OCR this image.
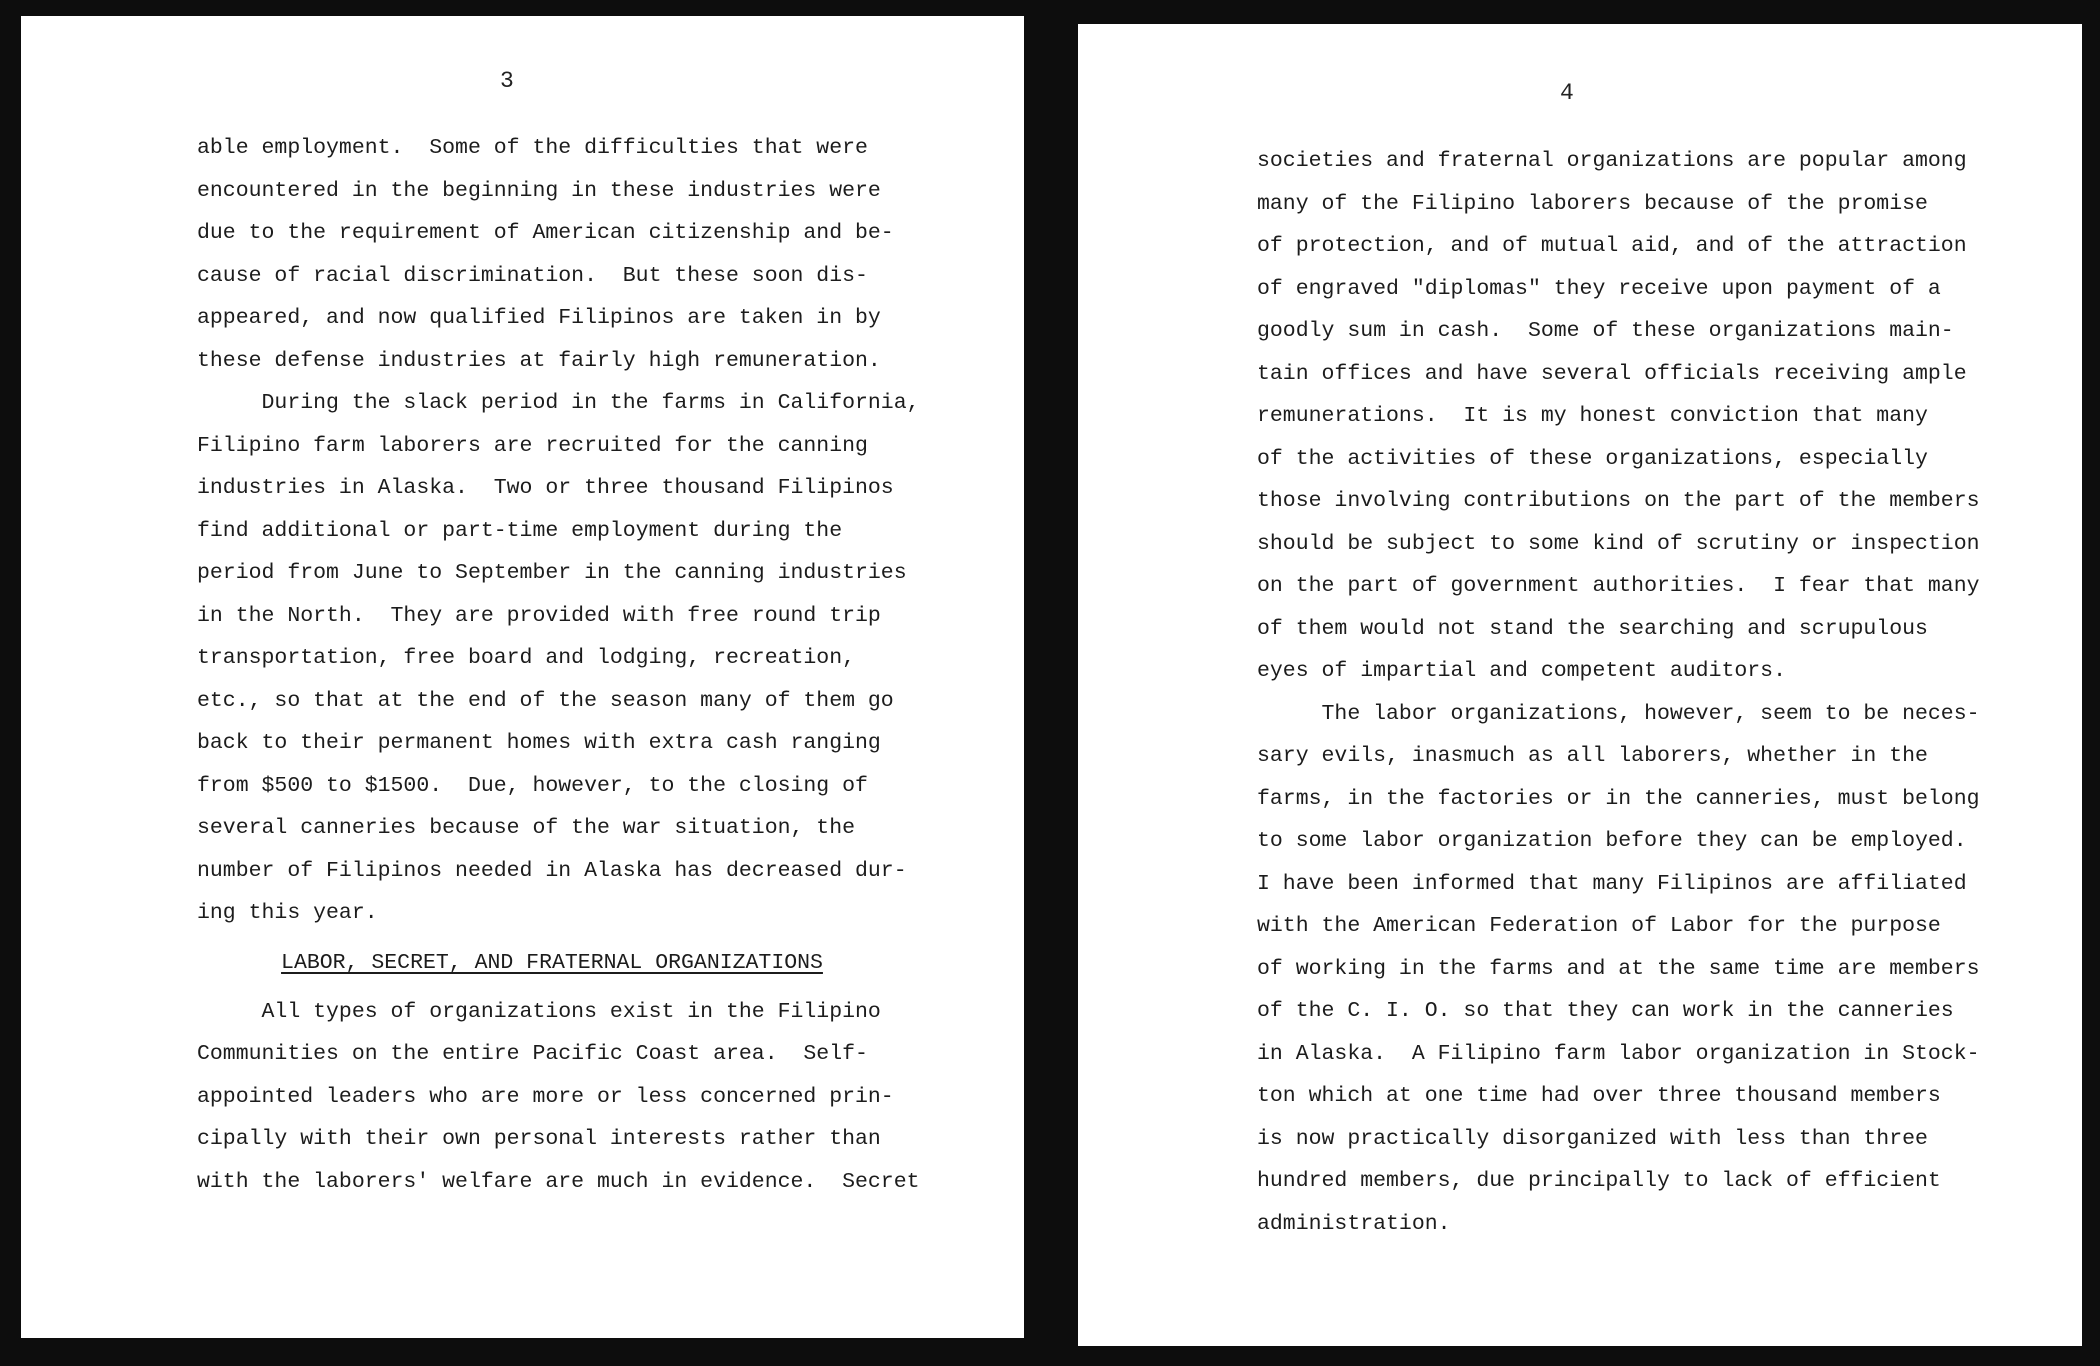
3
able employment.  Some of the difficulties that were
encountered in the beginning in these industries were
due to the requirement of American citizenship and be-
cause of racial discrimination.  But these soon dis-
appeared, and now qualified Filipinos are taken in by
these defense industries at fairly high remuneration.
During the slack period in the farms in California,
Filipino farm laborers are recruited for the canning
industries in Alaska.  Two or three thousand Filipinos
find additional or part-time employment during the
period from June to September in the canning industries
in the North.  They are provided with free round trip
transportation, free board and lodging, recreation,
etc., so that at the end of the season many of them go
back to their permanent homes with extra cash ranging
from $500 to $1500.  Due, however, to the closing of
several canneries because of the war situation, the
number of Filipinos needed in Alaska has decreased dur-
ing this year.
LABOR, SECRET, AND FRATERNAL ORGANIZATIONS
All types of organizations exist in the Filipino
Communities on the entire Pacific Coast area.  Self-
appointed leaders who are more or less concerned prin-
cipally with their own personal interests rather than
with the laborers' welfare are much in evidence.  Secret
4
societies and fraternal organizations are popular among
many of the Filipino laborers because of the promise
of protection, and of mutual aid, and of the attraction
of engraved "diplomas" they receive upon payment of a
goodly sum in cash.  Some of these organizations main-
tain offices and have several officials receiving ample
remunerations.  It is my honest conviction that many
of the activities of these organizations, especially
those involving contributions on the part of the members
should be subject to some kind of scrutiny or inspection
on the part of government authorities.  I fear that many
of them would not stand the searching and scrupulous
eyes of impartial and competent auditors.
The labor organizations, however, seem to be neces-
sary evils, inasmuch as all laborers, whether in the
farms, in the factories or in the canneries, must belong
to some labor organization before they can be employed.
I have been informed that many Filipinos are affiliated
with the American Federation of Labor for the purpose
of working in the farms and at the same time are members
of the C. I. O. so that they can work in the canneries
in Alaska.  A Filipino farm labor organization in Stock-
ton which at one time had over three thousand members
is now practically disorganized with less than three
hundred members, due principally to lack of efficient
administration.
